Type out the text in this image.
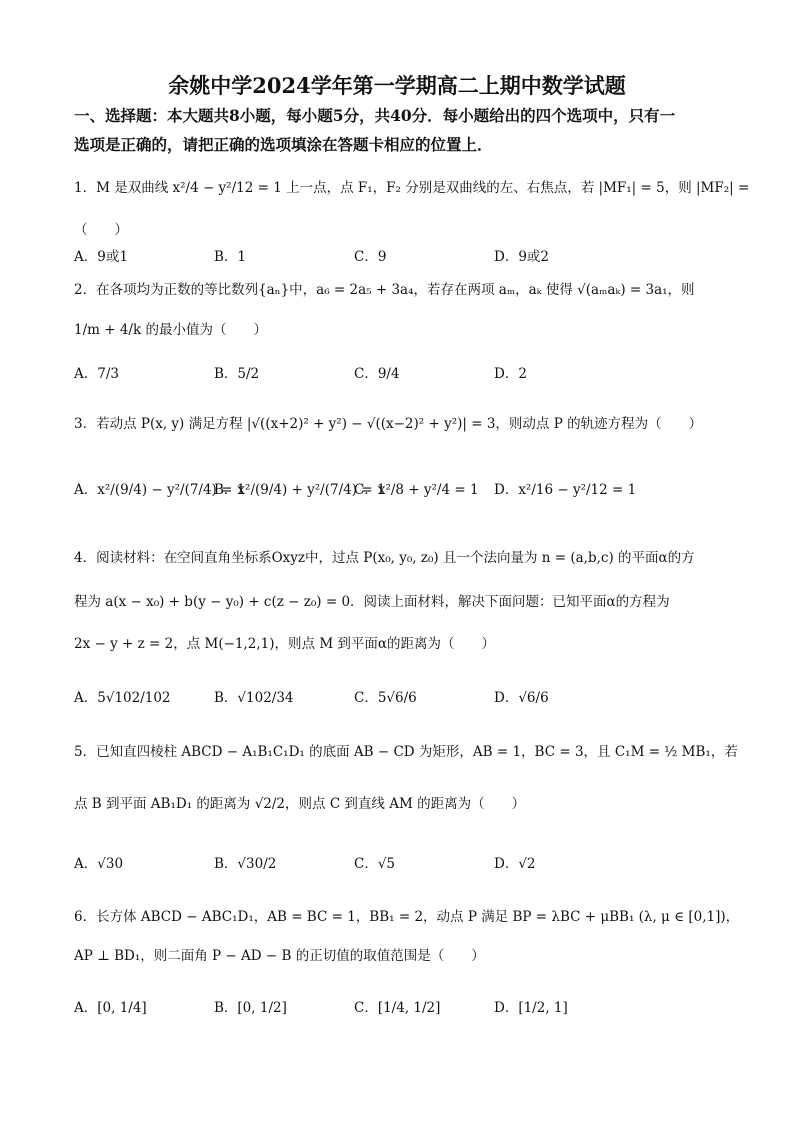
余姚中学2024学年第一学期高二上期中数学试题
一、选择题：本大题共8小题，每小题5分，共40分．每小题给出的四个选项中，只有一
选项是正确的，请把正确的选项填涂在答题卡相应的位置上．
1．M 是双曲线 x²/4 − y²/12 = 1 上一点，点 F₁，F₂ 分别是双曲线的左、右焦点，若 |MF₁| = 5，则 |MF₂| =
（　　）
A．9或1	B．1	C．9	D．9或2
2．在各项均为正数的等比数列{aₙ}中，a₆ = 2a₅ + 3a₄，若存在两项 aₘ，aₖ 使得 √(aₘaₖ) = 3a₁，则
1/m + 4/k 的最小值为（　　）
A．7/3	B．5/2	C．9/4	D．2
3．若动点 P(x, y) 满足方程 |√((x+2)² + y²) − √((x−2)² + y²)| = 3，则动点 P 的轨迹方程为（　　）
A．x²/(9/4) − y²/(7/4) = 1
B．x²/(9/4) + y²/(7/4) = 1
C．x²/8 + y²/4 = 1 D．x²/16 − y²/12 = 1
4．阅读材料：在空间直角坐标系Oxyz中，过点 P(x₀, y₀, z₀) 且一个法向量为 n = (a,b,c) 的平面α的方
程为 a(x − x₀) + b(y − y₀) + c(z − z₀) = 0．阅读上面材料，解决下面问题：已知平面α的方程为
2x − y + z = 2，点 M(−1,2,1)，则点 M 到平面α的距离为（　　）
A．5√102/102	B．√102/34	C．5√6/6	D．√6/6
5．已知直四棱柱 ABCD − A₁B₁C₁D₁ 的底面 AB − CD 为矩形，AB = 1，BC = 3，且 C₁M = ½ MB₁，若
点 B 到平面 AB₁D₁ 的距离为 √2/2，则点 C 到直线 AM 的距离为（　　）
A．√30	B．√30/2	C．√5	D．√2
6．长方体 ABCD − ABC₁D₁，AB = BC = 1，BB₁ = 2，动点 P 满足 BP = λBC + μBB₁ (λ, μ ∈ [0,1])，
AP ⊥ BD₁，则二面角 P − AD − B 的正切值的取值范围是（　　）
A．[0, 1/4]	B．[0, 1/2]	C．[1/4, 1/2]	D．[1/2, 1]
